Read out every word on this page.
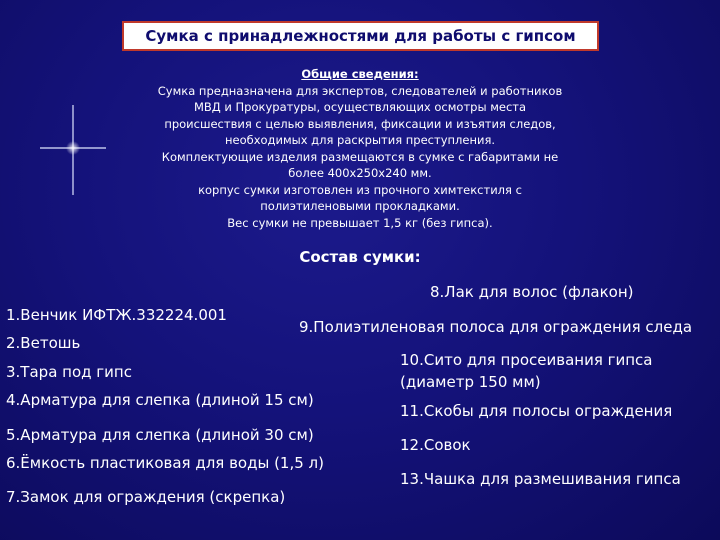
Сумка с принадлежностями для работы с гипсом
Общие сведения:
Сумка предназначена для экспертов, следователей и работников
МВД и Прокуратуры, осуществляющих осмотры места
происшествия с целью выявления, фиксации и изъятия следов,
необходимых для раскрытия преступления.
Комплектующие изделия размещаются в сумке с габаритами не
более 400х250х240 мм.
корпус сумки изготовлен из прочного химтекстиля с
полиэтиленовыми прокладками.
Вес сумки не превышает 1,5 кг (без гипса).
Состав сумки:
1.Венчик ИФТЖ.332224.001
2.Ветошь
3.Тара под гипс
4.Арматура для слепка (длиной 15 см)
5.Арматура для слепка (длиной 30 см)
6.Ёмкость пластиковая для воды (1,5 л)
7.Замок для ограждения (скрепка)
8.Лак для волос (флакон)
9.Полиэтиленовая полоса для ограждения следа
10.Сито для просеивания гипса
(диаметр 150 мм)
11.Скобы для полосы ограждения
12.Совок
13.Чашка для размешивания гипса
